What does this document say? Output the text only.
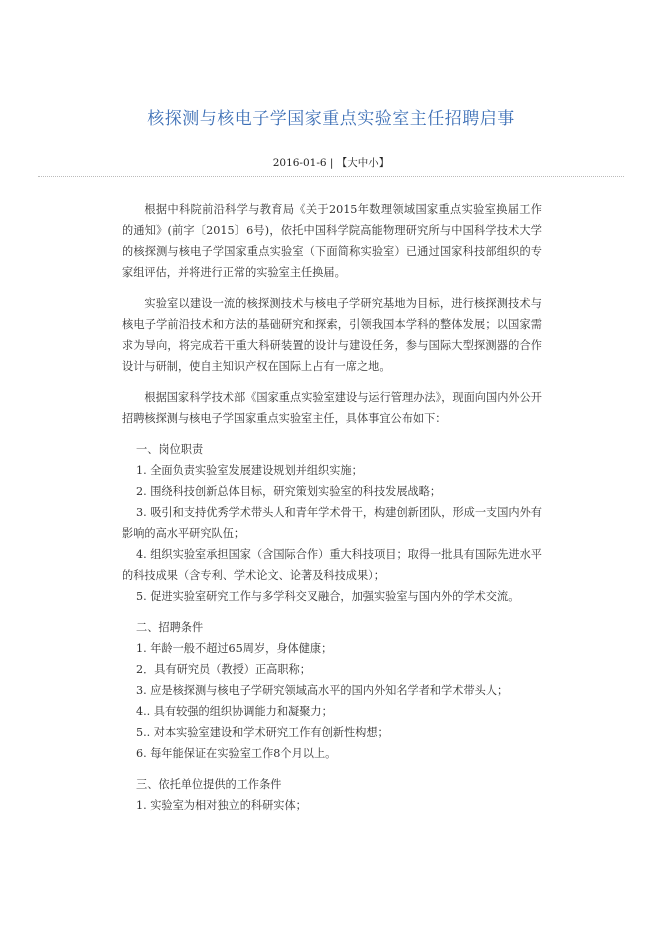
核探测与核电子学国家重点实验室主任招聘启事
2016-01-6 | 【大中小】

根据中科院前沿科学与教育局《关于2015年数理领域国家重点实验室换届工作的通知》(前字〔2015〕6号)，依托中国科学院高能物理研究所与中国科学技术大学的核探测与核电子学国家重点实验室（下面简称实验室）已通过国家科技部组织的专家组评估，并将进行正常的实验室主任换届。

实验室以建设一流的核探测技术与核电子学研究基地为目标，进行核探测技术与核电子学前沿技术和方法的基础研究和探索，引领我国本学科的整体发展；以国家需求为导向，将完成若干重大科研装置的设计与建设任务，参与国际大型探测器的合作设计与研制，使自主知识产权在国际上占有一席之地。

根据国家科学技术部《国家重点实验室建设与运行管理办法》，现面向国内外公开招聘核探测与核电子学国家重点实验室主任，具体事宜公布如下：

一、岗位职责

1. 全面负责实验室发展建设规划并组织实施；

2. 围绕科技创新总体目标，研究策划实验室的科技发展战略；

3. 吸引和支持优秀学术带头人和青年学术骨干，构建创新团队，形成一支国内外有影响的高水平研究队伍；

4. 组织实验室承担国家（含国际合作）重大科技项目；取得一批具有国际先进水平的科技成果（含专利、学术论文、论著及科技成果）；

5. 促进实验室研究工作与多学科交叉融合，加强实验室与国内外的学术交流。

二、招聘条件

1. 年龄一般不超过65周岁，身体健康；

2．具有研究员（教授）正高职称；

3. 应是核探测与核电子学研究领域高水平的国内外知名学者和学术带头人；

4.. 具有较强的组织协调能力和凝聚力；

5.. 对本实验室建设和学术研究工作有创新性构想；

6. 每年能保证在实验室工作8个月以上。

三、依托单位提供的工作条件

1. 实验室为相对独立的科研实体；
